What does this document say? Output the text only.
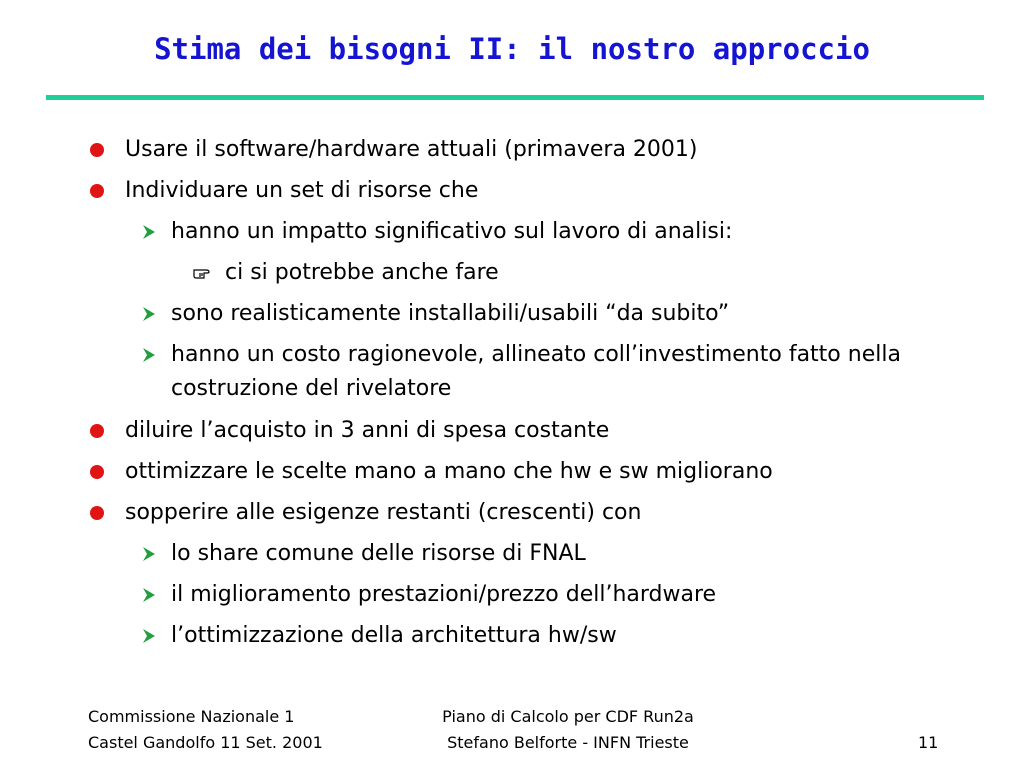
Stima dei bisogni II: il nostro approccio
Usare il software/hardware attuali (primavera 2001)
Individuare un set di risorse che
hanno un impatto significativo sul lavoro di analisi:
ci si potrebbe anche fare
sono realisticamente installabili/usabili “da subito”
hanno un costo ragionevole, allineato coll’investimento fatto nella costruzione del rivelatore
diluire l’acquisto in 3 anni di spesa costante
ottimizzare le scelte mano a mano che hw e sw migliorano
sopperire alle esigenze restanti (crescenti) con
lo share comune delle risorse di FNAL
il miglioramento prestazioni/prezzo dell’hardware
l’ottimizzazione della architettura hw/sw
Commissione Nazionale 1
Castel Gandolfo 11 Set. 2001
Piano di Calcolo per CDF Run2a
Stefano Belforte - INFN Trieste	11
